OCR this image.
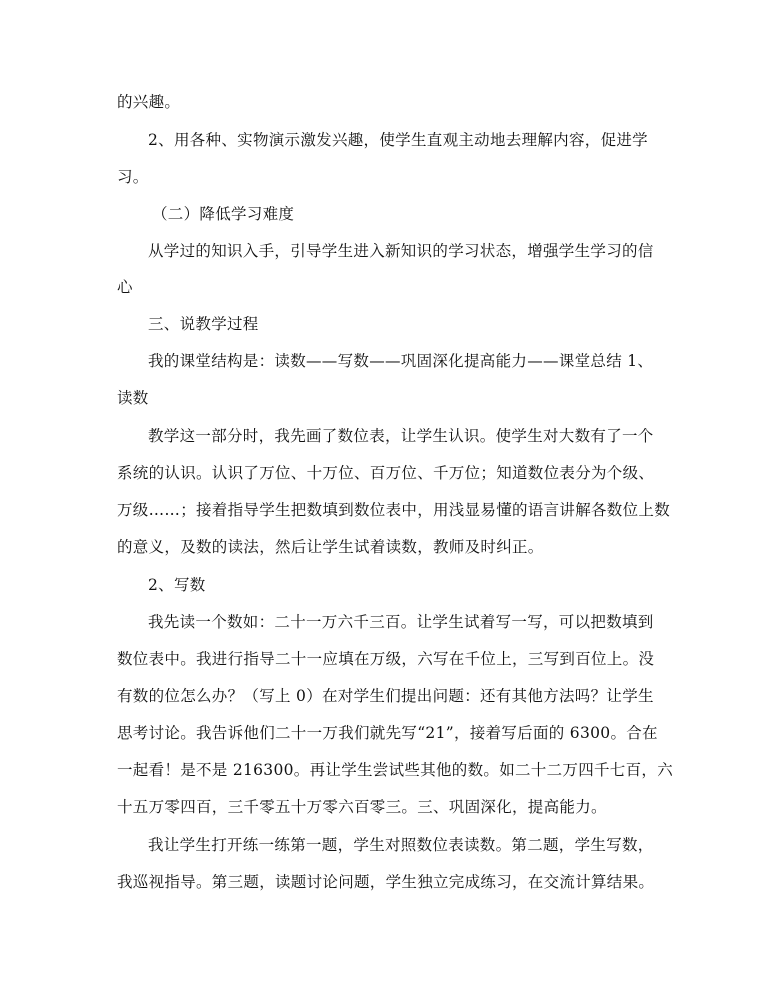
的兴趣。
2、用各种、实物演示激发兴趣，使学生直观主动地去理解内容，促进学
习。
（二）降低学习难度
从学过的知识入手，引导学生进入新知识的学习状态，增强学生学习的信
心
三、说教学过程
我的课堂结构是：读数——写数——巩固深化提高能力——课堂总结 1、
读数
教学这一部分时，我先画了数位表，让学生认识。使学生对大数有了一个
系统的认识。认识了万位、十万位、百万位、千万位；知道数位表分为个级、
万级……；接着指导学生把数填到数位表中，用浅显易懂的语言讲解各数位上数
的意义，及数的读法，然后让学生试着读数，教师及时纠正。
2、写数
我先读一个数如：二十一万六千三百。让学生试着写一写，可以把数填到
数位表中。我进行指导二十一应填在万级，六写在千位上，三写到百位上。没
有数的位怎么办？（写上 0）在对学生们提出问题：还有其他方法吗？让学生
思考讨论。我告诉他们二十一万我们就先写“21”，接着写后面的 6300。合在
一起看！是不是 216300。再让学生尝试些其他的数。如二十二万四千七百，六
十五万零四百，三千零五十万零六百零三。三、巩固深化，提高能力。
我让学生打开练一练第一题，学生对照数位表读数。第二题，学生写数，
我巡视指导。第三题，读题讨论问题，学生独立完成练习，在交流计算结果。
